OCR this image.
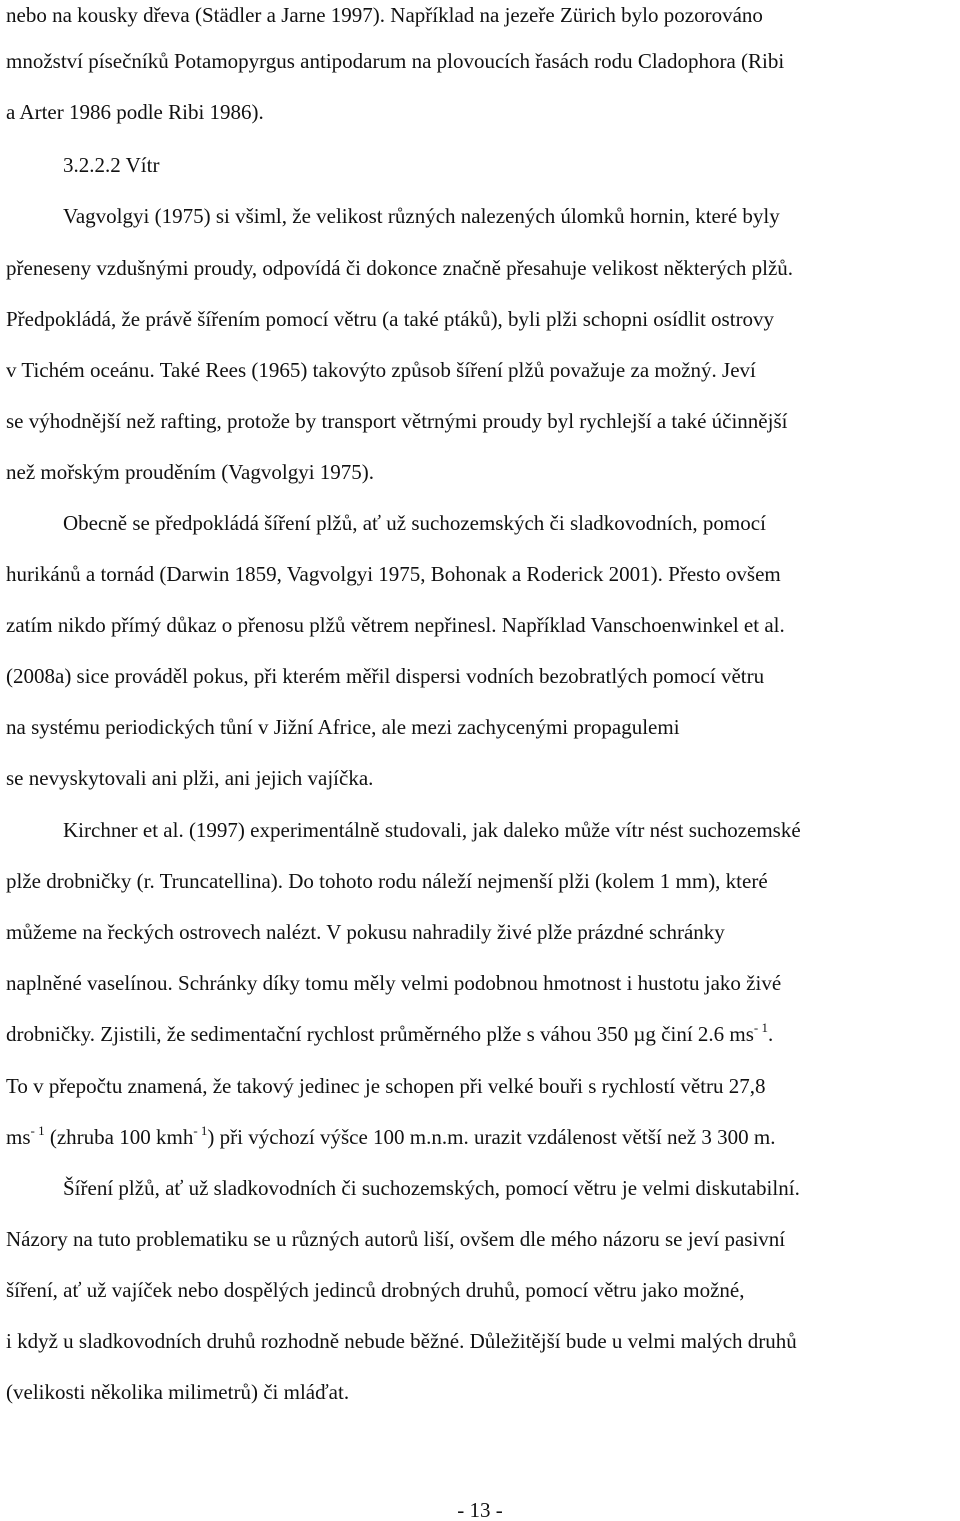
nebo na kousky dřeva (Städler a Jarne 1997). Například na jezeře Zürich bylo pozorováno
množství písečníků Potamopyrgus antipodarum na plovoucích řasách rodu Cladophora (Ribi
a Arter 1986 podle Ribi 1986).
3.2.2.2 Vítr
Vagvolgyi (1975) si všiml, že velikost různých nalezených úlomků hornin, které byly
přeneseny vzdušnými proudy, odpovídá či dokonce značně přesahuje velikost některých plžů.
Předpokládá, že právě šířením pomocí větru (a také ptáků), byli plži schopni osídlit ostrovy
v Tichém oceánu. Také Rees (1965) takovýto způsob šíření plžů považuje za možný. Jeví
se výhodnější než rafting, protože by transport větrnými proudy byl rychlejší a také účinnější
než mořským prouděním (Vagvolgyi 1975).
Obecně se předpokládá šíření plžů, ať už suchozemských či sladkovodních, pomocí
hurikánů a tornád (Darwin 1859, Vagvolgyi 1975, Bohonak a Roderick 2001). Přesto ovšem
zatím nikdo přímý důkaz o přenosu plžů větrem nepřinesl. Například Vanschoenwinkel et al.
(2008a) sice prováděl pokus, při kterém měřil dispersi vodních bezobratlých pomocí větru
na systému periodických tůní v Jižní Africe, ale mezi zachycenými propagulemi
se nevyskytovali ani plži, ani jejich vajíčka.
Kirchner et al. (1997) experimentálně studovali, jak daleko může vítr nést suchozemské
plže drobničky (r. Truncatellina). Do tohoto rodu náleží nejmenší plži (kolem 1 mm), které
můžeme na řeckých ostrovech nalézt. V pokusu nahradily živé plže prázdné schránky
naplněné vaselínou. Schránky díky tomu měly velmi podobnou hmotnost i hustotu jako živé
drobničky. Zjistili, že sedimentační rychlost průměrného plže s váhou 350 µg činí 2.6 $ms^{- 1}$.
To v přepočtu znamená, že takový jedinec je schopen při velké bouři s rychlostí větru 27,8
$ms^{- 1}$ (zhruba 100 kmh$^{- 1}$) při výchozí výšce 100 m.n.m. urazit vzdálenost větší než 3 300 m.
Šíření plžů, ať už sladkovodních či suchozemských, pomocí větru je velmi diskutabilní.
Názory na tuto problematiku se u různých autorů liší, ovšem dle mého názoru se jeví pasivní
šíření, ať už vajíček nebo dospělých jedinců drobných druhů, pomocí větru jako možné,
i když u sladkovodních druhů rozhodně nebude běžné. Důležitější bude u velmi malých druhů
(velikosti několika milimetrů) či mláďat.
- 13 -
